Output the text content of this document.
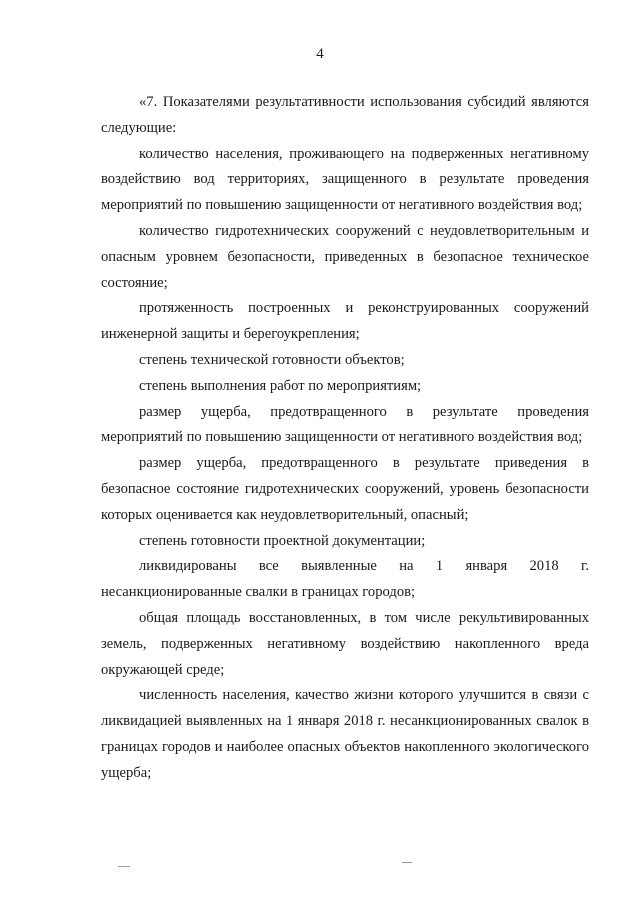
4

«7. Показателями результативности использования субсидий являются следующие:

количество населения, проживающего на подверженных негативному воздействию вод территориях, защищенного в результате проведения мероприятий по повышению защищенности от негативного воздействия вод;

количество гидротехнических сооружений с неудовлетворительным и опасным уровнем безопасности, приведенных в безопасное техническое состояние;

протяженность построенных и реконструированных сооружений инженерной защиты и берегоукрепления;

степень технической готовности объектов;

степень выполнения работ по мероприятиям;

размер ущерба, предотвращенного в результате проведения мероприятий по повышению защищенности от негативного воздействия вод;

размер ущерба, предотвращенного в результате приведения в безопасное состояние гидротехнических сооружений, уровень безопасности которых оценивается как неудовлетворительный, опасный;

степень готовности проектной документации;

ликвидированы все выявленные на 1 января 2018 г. несанкционированные свалки в границах городов;

общая площадь восстановленных, в том числе рекультивированных земель, подверженных негативному воздействию накопленного вреда окружающей среде;

численность населения, качество жизни которого улучшится в связи с ликвидацией выявленных на 1 января 2018 г. несанкционированных свалок в границах городов и наиболее опасных объектов накопленного экологического ущерба;
